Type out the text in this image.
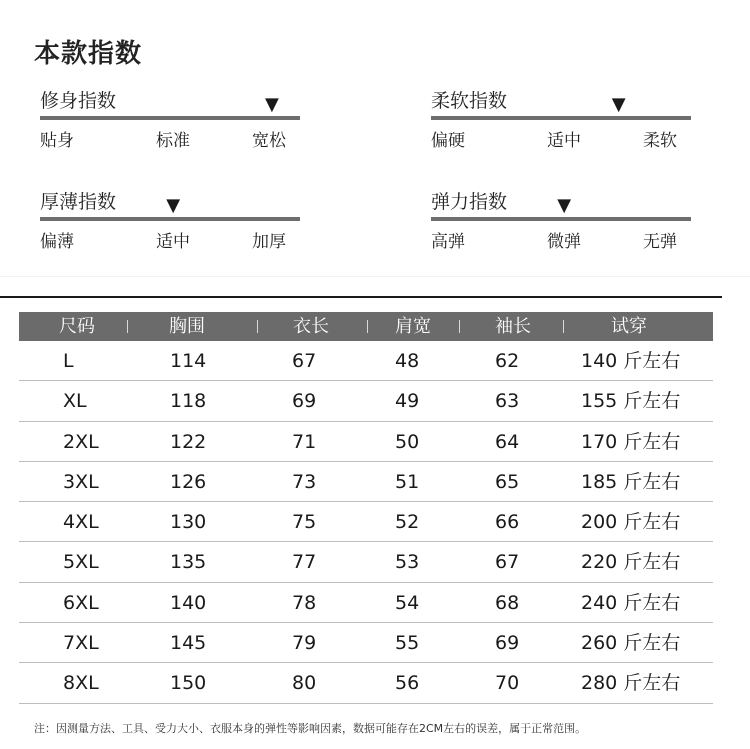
本款指数
修身指数	▼
贴身	标准	宽松
柔软指数	▼
偏硬	适中	柔软
厚薄指数	▼
偏薄	适中	加厚
弹力指数	▼
高弹	微弹	无弹
尺码	胸围	衣长	肩宽	袖长	试穿
L	114	67	48	62	140 斤左右
XL	118	69	49	63	155 斤左右
2XL	122	71	50	64	170 斤左右
3XL	126	73	51	65	185 斤左右
4XL	130	75	52	66	200 斤左右
5XL	135	77	53	67	220 斤左右
6XL	140	78	54	68	240 斤左右
7XL	145	79	55	69	260 斤左右
8XL	150	80	56	70	280 斤左右
注：因测量方法、工具、受力大小、衣服本身的弹性等影响因素，数据可能存在2CM左右的误差，属于正常范围。
